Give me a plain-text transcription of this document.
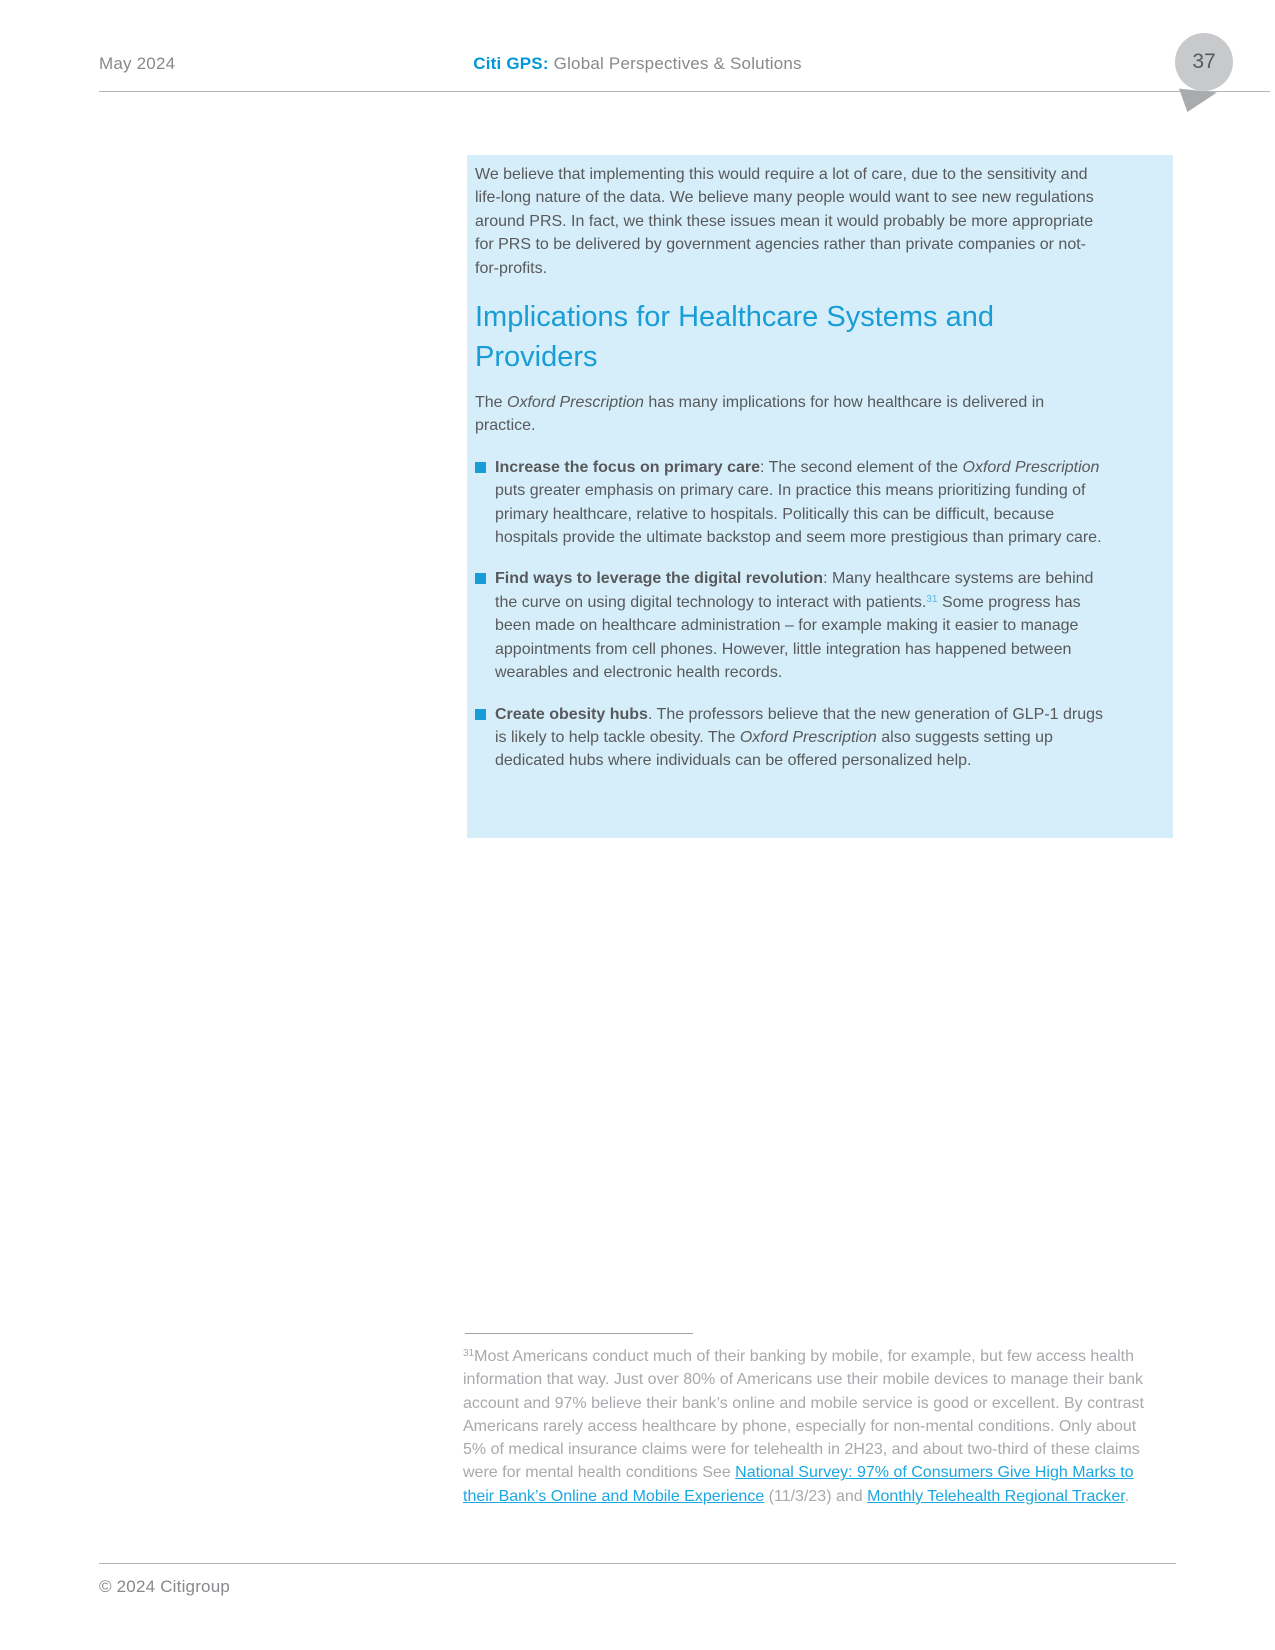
May 2024	Citi GPS: Global Perspectives & Solutions	37

We believe that implementing this would require a lot of care, due to the sensitivity and life-long nature of the data. We believe many people would want to see new regulations around PRS. In fact, we think these issues mean it would probably be more appropriate for PRS to be delivered by government agencies rather than private companies or not-for-profits.

Implications for Healthcare Systems and Providers

The Oxford Prescription has many implications for how healthcare is delivered in practice.

Increase the focus on primary care: The second element of the Oxford Prescription puts greater emphasis on primary care. In practice this means prioritizing funding of primary healthcare, relative to hospitals. Politically this can be difficult, because hospitals provide the ultimate backstop and seem more prestigious than primary care.
Find ways to leverage the digital revolution: Many healthcare systems are behind the curve on using digital technology to interact with patients.$^{31}$ Some progress has been made on healthcare administration – for example making it easier to manage appointments from cell phones. However, little integration has happened between wearables and electronic health records.
Create obesity hubs. The professors believe that the new generation of GLP-1 drugs is likely to help tackle obesity. The Oxford Prescription also suggests setting up dedicated hubs where individuals can be offered personalized help.

$^{31}$Most Americans conduct much of their banking by mobile, for example, but few access health information that way. Just over 80% of Americans use their mobile devices to manage their bank account and 97% believe their bank’s online and mobile service is good or excellent. By contrast Americans rarely access healthcare by phone, especially for non-mental conditions. Only about 5% of medical insurance claims were for telehealth in 2H23, and about two-third of these claims were for mental health conditions See National Survey: 97% of Consumers Give High Marks to their Bank’s Online and Mobile Experience (11/3/23) and Monthly Telehealth Regional Tracker.

© 2024 Citigroup
